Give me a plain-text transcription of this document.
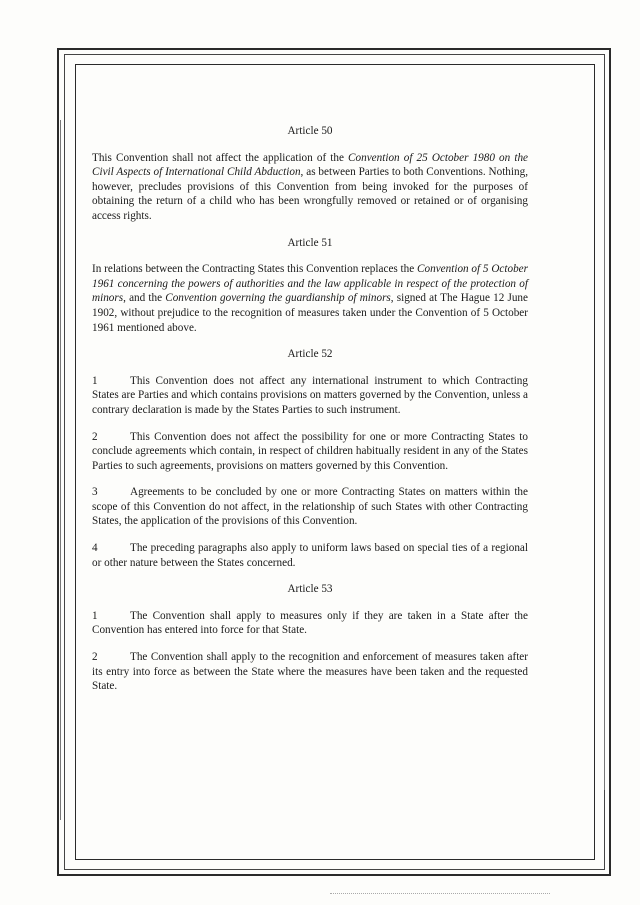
Article 50
This Convention shall not affect the application of the Convention of 25 October 1980 on the Civil Aspects of International Child Abduction, as between Parties to both Conventions. Nothing, however, precludes provisions of this Convention from being invoked for the purposes of obtaining the return of a child who has been wrongfully removed or retained or of organising access rights.
Article 51
In relations between the Contracting States this Convention replaces the Convention of 5 October 1961 concerning the powers of authorities and the law applicable in respect of the protection of minors, and the Convention governing the guardianship of minors, signed at The Hague 12 June 1902, without prejudice to the recognition of measures taken under the Convention of 5 October 1961 mentioned above.
Article 52
1	This Convention does not affect any international instrument to which Contracting States are Parties and which contains provisions on matters governed by the Convention, unless a contrary declaration is made by the States Parties to such instrument.
2	This Convention does not affect the possibility for one or more Contracting States to conclude agreements which contain, in respect of children habitually resident in any of the States Parties to such agreements, provisions on matters governed by this Convention.
3	Agreements to be concluded by one or more Contracting States on matters within the scope of this Convention do not affect, in the relationship of such States with other Contracting States, the application of the provisions of this Convention.
4	The preceding paragraphs also apply to uniform laws based on special ties of a regional or other nature between the States concerned.
Article 53
1	The Convention shall apply to measures only if they are taken in a State after the Convention has entered into force for that State.
2	The Convention shall apply to the recognition and enforcement of measures taken after its entry into force as between the State where the measures have been taken and the requested State.
